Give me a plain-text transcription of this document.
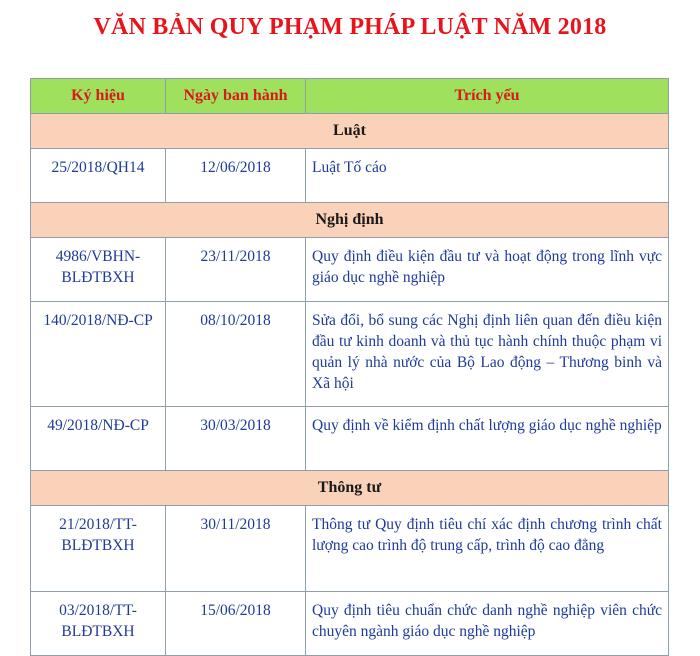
VĂN BẢN QUY PHẠM PHÁP LUẬT NĂM 2018
Ký hiệu	Ngày ban hành	Trích yếu
Luật		
25/2018/QH14	12/06/2018	Luật Tố cáo
Nghị định		
4986/VBHN-BLĐTBXH	23/11/2018	Quy định điều kiện đầu tư và hoạt động trong lĩnh vực giáo dục nghề nghiệp
140/2018/NĐ-CP	08/10/2018	Sửa đổi, bổ sung các Nghị định liên quan đến điều kiện đầu tư kinh doanh và thủ tục hành chính thuộc phạm vi quản lý nhà nước của Bộ Lao động – Thương binh và Xã hội
49/2018/NĐ-CP	30/03/2018	Quy định về kiểm định chất lượng giáo dục nghề nghiệp
Thông tư		
21/2018/TT-BLĐTBXH	30/11/2018	Thông tư Quy định tiêu chí xác định chương trình chất lượng cao trình độ trung cấp, trình độ cao đẳng
03/2018/TT-BLĐTBXH	15/06/2018	Quy định tiêu chuẩn chức danh nghề nghiệp viên chức chuyên ngành giáo dục nghề nghiệp
